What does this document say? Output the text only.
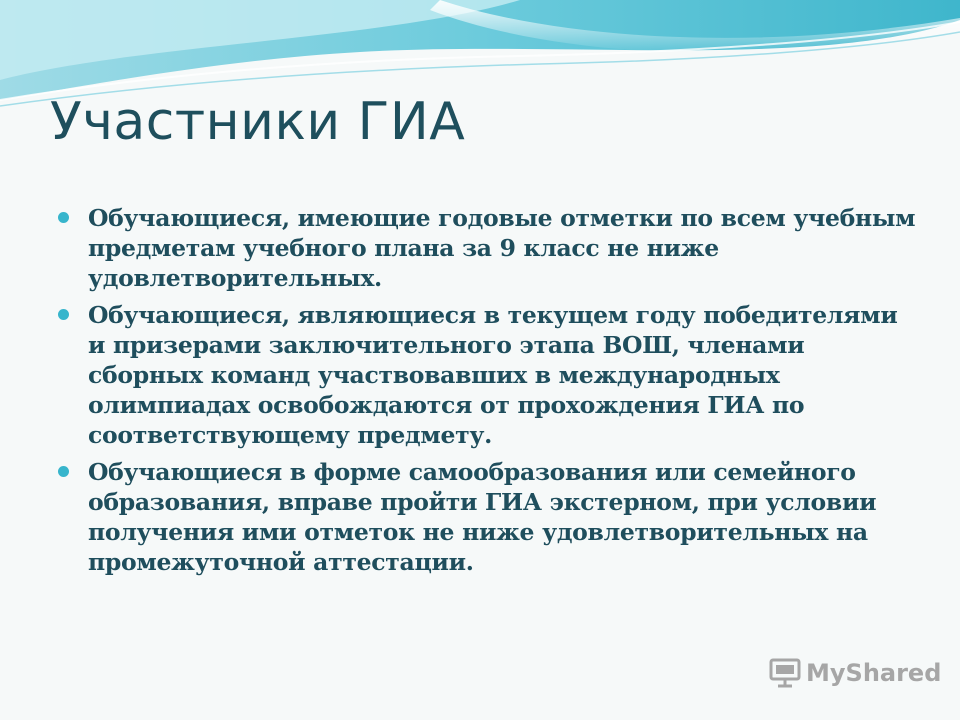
Участники ГИА
Обучающиеся, имеющие годовые отметки по всем учебным предметам учебного плана за 9 класс не ниже удовлетворительных.
Обучающиеся, являющиеся в текущем году победителями и призерами заключительного этапа ВОШ, членами сборных команд участвовавших в международных олимпиадах освобождаются от прохождения ГИА по соответствующему предмету.
Обучающиеся в форме самообразования или семейного образования, вправе пройти ГИА экстерном, при условии получения ими отметок не ниже удовлетворительных на промежуточной аттестации.
MyShared
